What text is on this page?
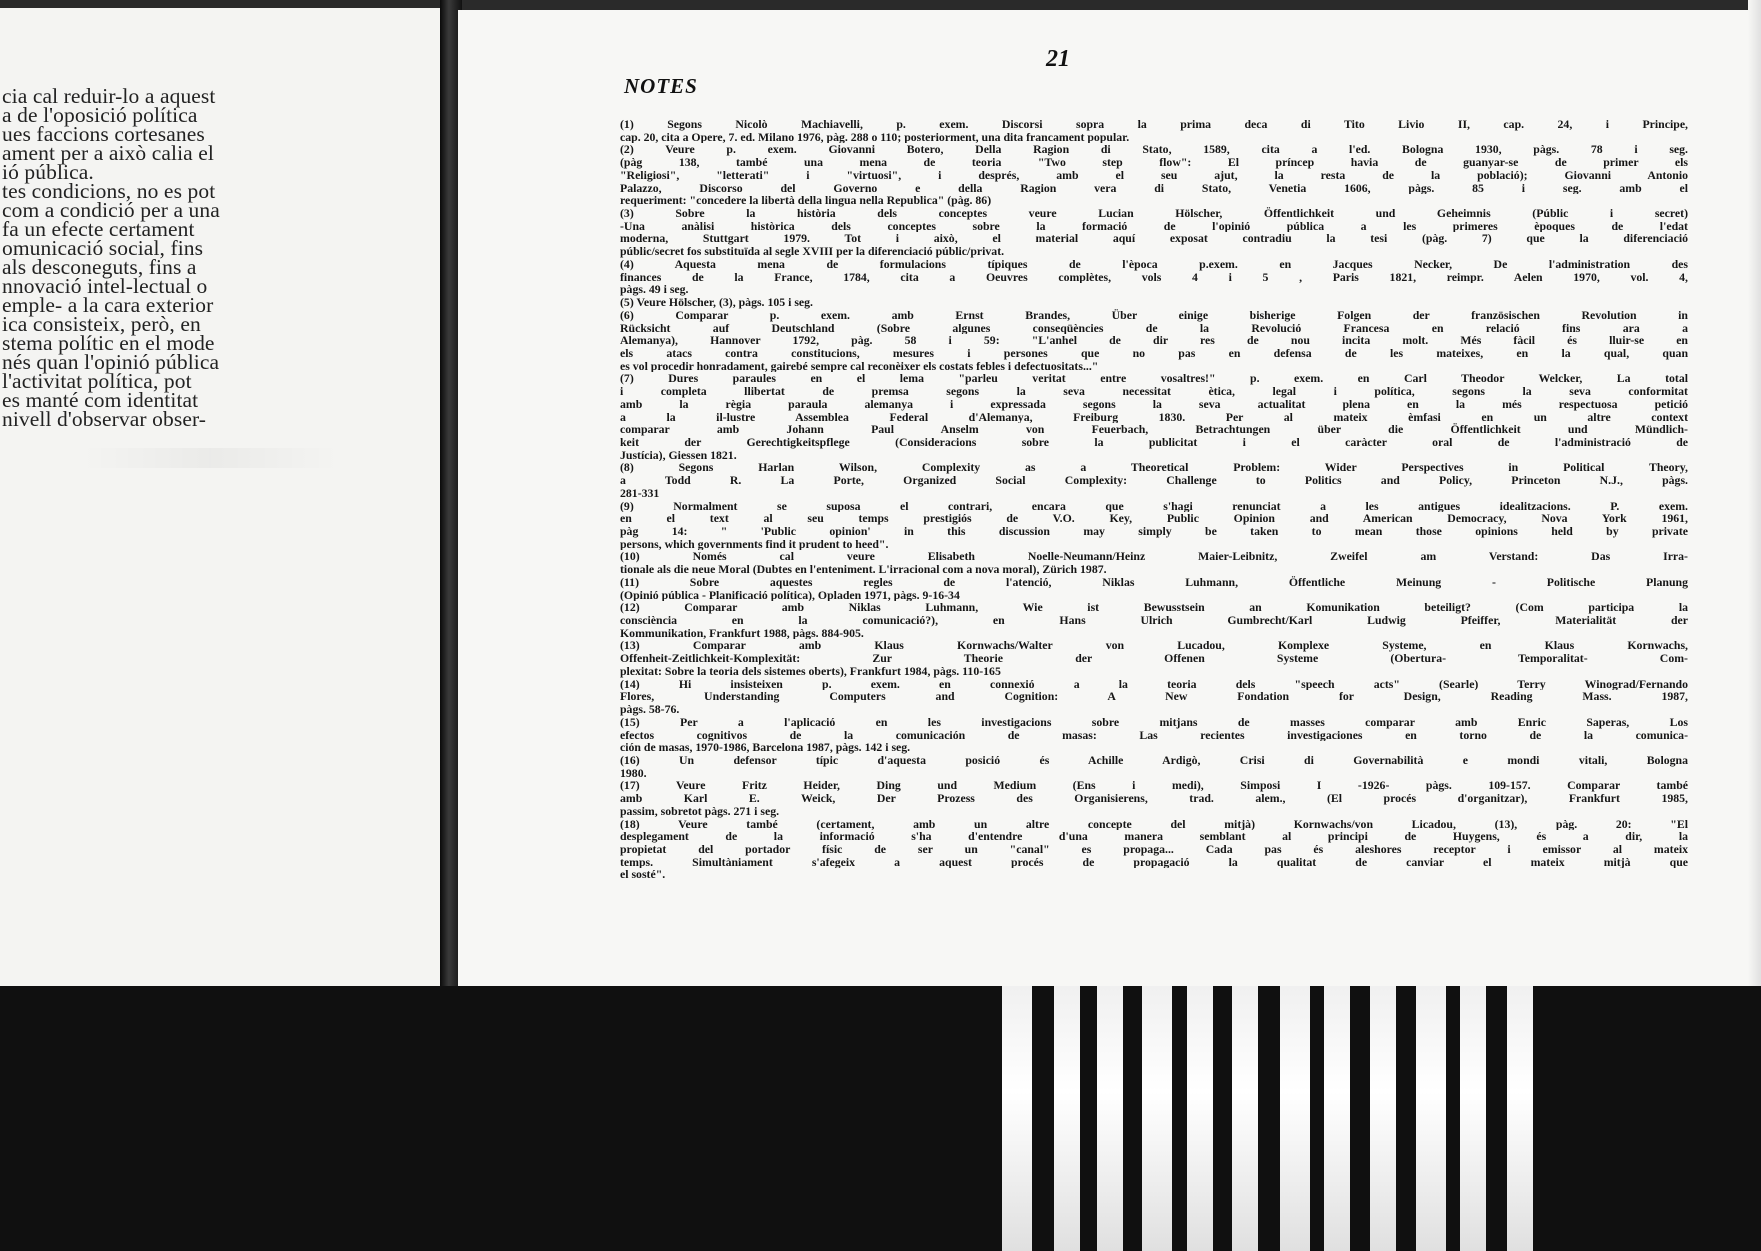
cia cal reduir-lo a aquest
a de l'oposició política
ues faccions cortesanes
ament per a això calia el
ió pública.
tes condicions, no es pot
com a condició per a una
fa un efecte certament
omunicació social, fins
als desconeguts, fins a
nnovació intel-lectual o
emple- a la cara exterior
ica consisteix, però, en
stema polític en el mode
nés quan l'opinió pública
l'activitat política, pot
es manté com identitat
nivell d'observar obser-
21
NOTES
(1) Segons Nicolò Machiavelli, p. exem. Discorsi sopra la prima deca di Tito Livio II, cap. 24, i Principe,
cap. 20, cita a Opere, 7. ed. Milano 1976, pàg. 288 o 110; posteriorment, una dita francament popular.
(2) Veure p. exem. Giovanni Botero, Della Ragion di Stato, 1589, cita a l'ed. Bologna 1930, pàgs. 78 i seg.
(pàg 138, també una mena de teoria "Two step flow": El príncep havia de guanyar-se de primer els
"Religiosi", "letterati" i "virtuosi", i després, amb el seu ajut, la resta de la població); Giovanni Antonio
Palazzo, Discorso del Governo e della Ragion vera di Stato, Venetia 1606, pàgs. 85 i seg. amb el
requeriment: "concedere la libertà della lingua nella Republica" (pàg. 86)
(3) Sobre la història dels conceptes veure Lucian Hölscher, Öffentlichkeit und Geheimnis (Públic i secret)
-Una anàlisi històrica dels conceptes sobre la formació de l'opinió pública a les primeres èpoques de l'edat
moderna, Stuttgart 1979. Tot i això, el material aquí exposat contradiu la tesi (pàg. 7) que la diferenciació
públic/secret fos substituïda al segle XVIII per la diferenciació públic/privat.
(4) Aquesta mena de formulacions típiques de l'època p.exem. en Jacques Necker, De l'administration des
finances de la France, 1784, cita a Oeuvres complètes, vols 4 i 5 , Paris 1821, reimpr. Aelen 1970, vol. 4,
pàgs. 49 i seg.
(5) Veure Hölscher, (3), pàgs. 105 i seg.
(6) Comparar p. exem. amb Ernst Brandes, Über einige bisherige Folgen der französischen Revolution in
Rücksicht auf Deutschland (Sobre algunes conseqüències de la Revolució Francesa en relació fins ara a
Alemanya), Hannover 1792, pàg. 58 i 59: "L'anhel de dir res de nou incita molt. Més fàcil és lluir-se en
els atacs contra constitucions, mesures i persones que no pas en defensa de les mateixes, en la qual, quan
es vol procedir honradament, gairebé sempre cal reconèixer els costats febles i defectuositats..."
(7) Dures paraules en el lema "parleu veritat entre vosaltres!" p. exem. en Carl Theodor Welcker, La total
i completa llibertat de premsa segons la seva necessitat ètica, legal i política, segons la seva conformitat
amb la règia paraula alemanya i expressada segons la seva actualitat plena en la més respectuosa petició
a la il-lustre Assemblea Federal d'Alemanya, Freiburg 1830. Per al mateix èmfasi en un altre context
comparar amb Johann Paul Anselm von Feuerbach, Betrachtungen über die Öffentlichkeit und Mündlich-
keit der Gerechtigkeitspflege (Consideracions sobre la publicitat i el caràcter oral de l'administració de
Justícia), Giessen 1821.
(8) Segons Harlan Wilson, Complexity as a Theoretical Problem: Wider Perspectives in Political Theory,
a Todd R. La Porte, Organized Social Complexity: Challenge to Politics and Policy, Princeton N.J., pàgs.
281-331
(9) Normalment se suposa el contrari, encara que s'hagi renunciat a les antigues idealitzacions. P. exem.
en el text al seu temps prestigiós de V.O. Key, Public Opinion and American Democracy, Nova York 1961,
pàg 14: " 'Public opinion' in this discussion may simply be taken to mean those opinions held by private
persons, which governments find it prudent to heed".
(10) Només cal veure Elisabeth Noelle-Neumann/Heinz Maier-Leibnitz, Zweifel am Verstand: Das Irra-
tionale als die neue Moral (Dubtes en l'enteniment. L'irracional com a nova moral), Zürich 1987.
(11) Sobre aquestes regles de l'atenció, Niklas Luhmann, Öffentliche Meinung - Politische Planung
(Opinió pública - Planificació política), Opladen 1971, pàgs. 9-16-34
(12) Comparar amb Niklas Luhmann, Wie ist Bewusstsein an Komunikation beteiligt? (Com participa la
consciència en la comunicació?), en Hans Ulrich Gumbrecht/Karl Ludwig Pfeiffer, Materialität der
Kommunikation, Frankfurt 1988, pàgs. 884-905.
(13) Comparar amb Klaus Kornwachs/Walter von Lucadou, Komplexe Systeme, en Klaus Kornwachs,
Offenheit-Zeitlichkeit-Komplexität: Zur Theorie der Offenen Systeme (Obertura- Temporalitat- Com-
plexitat: Sobre la teoria dels sistemes oberts), Frankfurt 1984, pàgs. 110-165
(14) Hi insisteixen p. exem. en connexió a la teoria dels "speech acts" (Searle) Terry Winograd/Fernando
Flores, Understanding Computers and Cognition: A New Fondation for Design, Reading Mass. 1987,
pàgs. 58-76.
(15) Per a l'aplicació en les investigacions sobre mitjans de masses comparar amb Enric Saperas, Los
efectos cognitivos de la comunicación de masas: Las recientes investigaciones en torno de la comunica-
ción de masas, 1970-1986, Barcelona 1987, pàgs. 142 i seg.
(16) Un defensor típic d'aquesta posició és Achille Ardigò, Crisi di Governabilità e mondi vitali, Bologna
1980.
(17) Veure Fritz Heider, Ding und Medium (Ens i medi), Simposi I -1926- pàgs. 109-157. Comparar també
amb Karl E. Weick, Der Prozess des Organisierens, trad. alem., (El procés d'organitzar), Frankfurt 1985,
passim, sobretot pàgs. 271 i seg.
(18) Veure també (certament, amb un altre concepte del mitjà) Kornwachs/von Licadou, (13), pàg. 20: "El
desplegament de la informació s'ha d'entendre d'una manera semblant al principi de Huygens, és a dir, la
propietat del portador físic de ser un "canal" es propaga... Cada pas és aleshores receptor i emissor al mateix
temps. Simultàniament s'afegeix a aquest procés de propagació la qualitat de canviar el mateix mitjà que
el sosté".
